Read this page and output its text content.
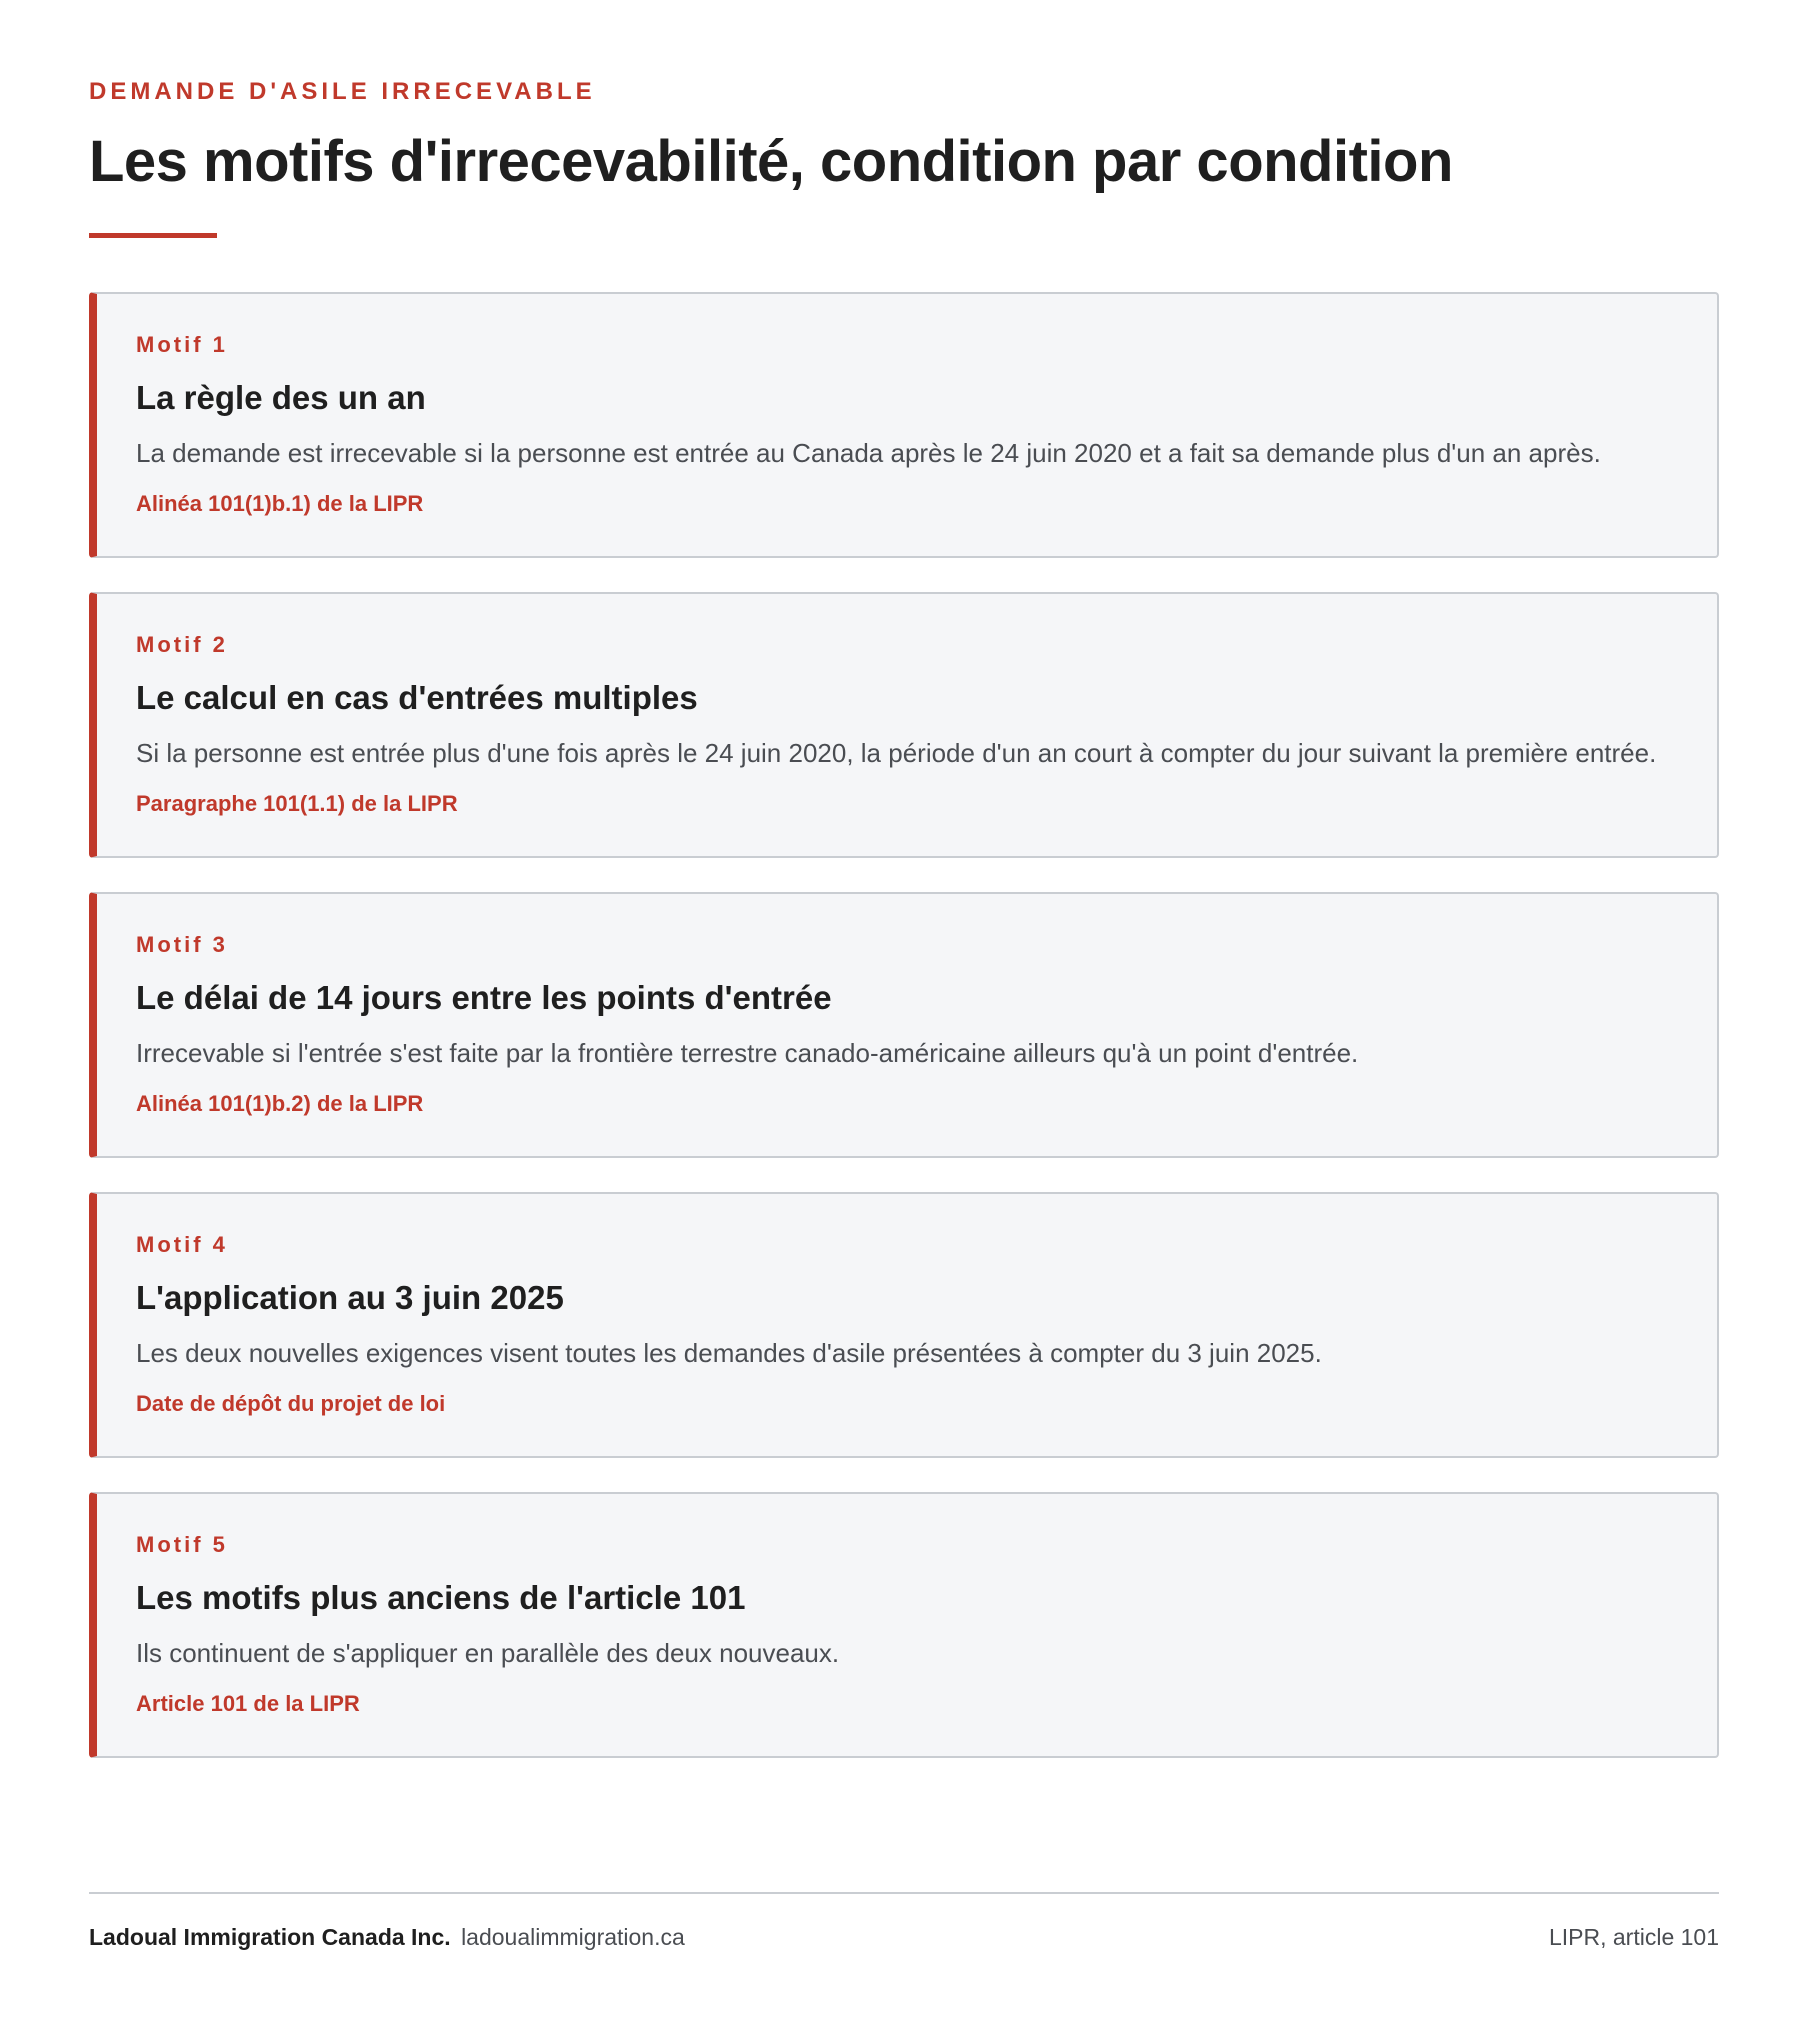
DEMANDE D'ASILE IRRECEVABLE
Les motifs d'irrecevabilité, condition par condition
Motif 1
La règle des un an

La demande est irrecevable si la personne est entrée au Canada après le 24 juin 2020 et a fait sa demande plus d'un an après.

Alinéa 101(1)b.1) de la LIPR
Motif 2
Le calcul en cas d'entrées multiples

Si la personne est entrée plus d'une fois après le 24 juin 2020, la période d'un an court à compter du jour suivant la première entrée.

Paragraphe 101(1.1) de la LIPR
Motif 3
Le délai de 14 jours entre les points d'entrée

Irrecevable si l'entrée s'est faite par la frontière terrestre canado-américaine ailleurs qu'à un point d'entrée.

Alinéa 101(1)b.2) de la LIPR
Motif 4
L'application au 3 juin 2025

Les deux nouvelles exigences visent toutes les demandes d'asile présentées à compter du 3 juin 2025.

Date de dépôt du projet de loi
Motif 5
Les motifs plus anciens de l'article 101

Ils continuent de s'appliquer en parallèle des deux nouveaux.

Article 101 de la LIPR
Ladoual Immigration Canada Inc. ladoualimmigration.ca	LIPR, article 101
